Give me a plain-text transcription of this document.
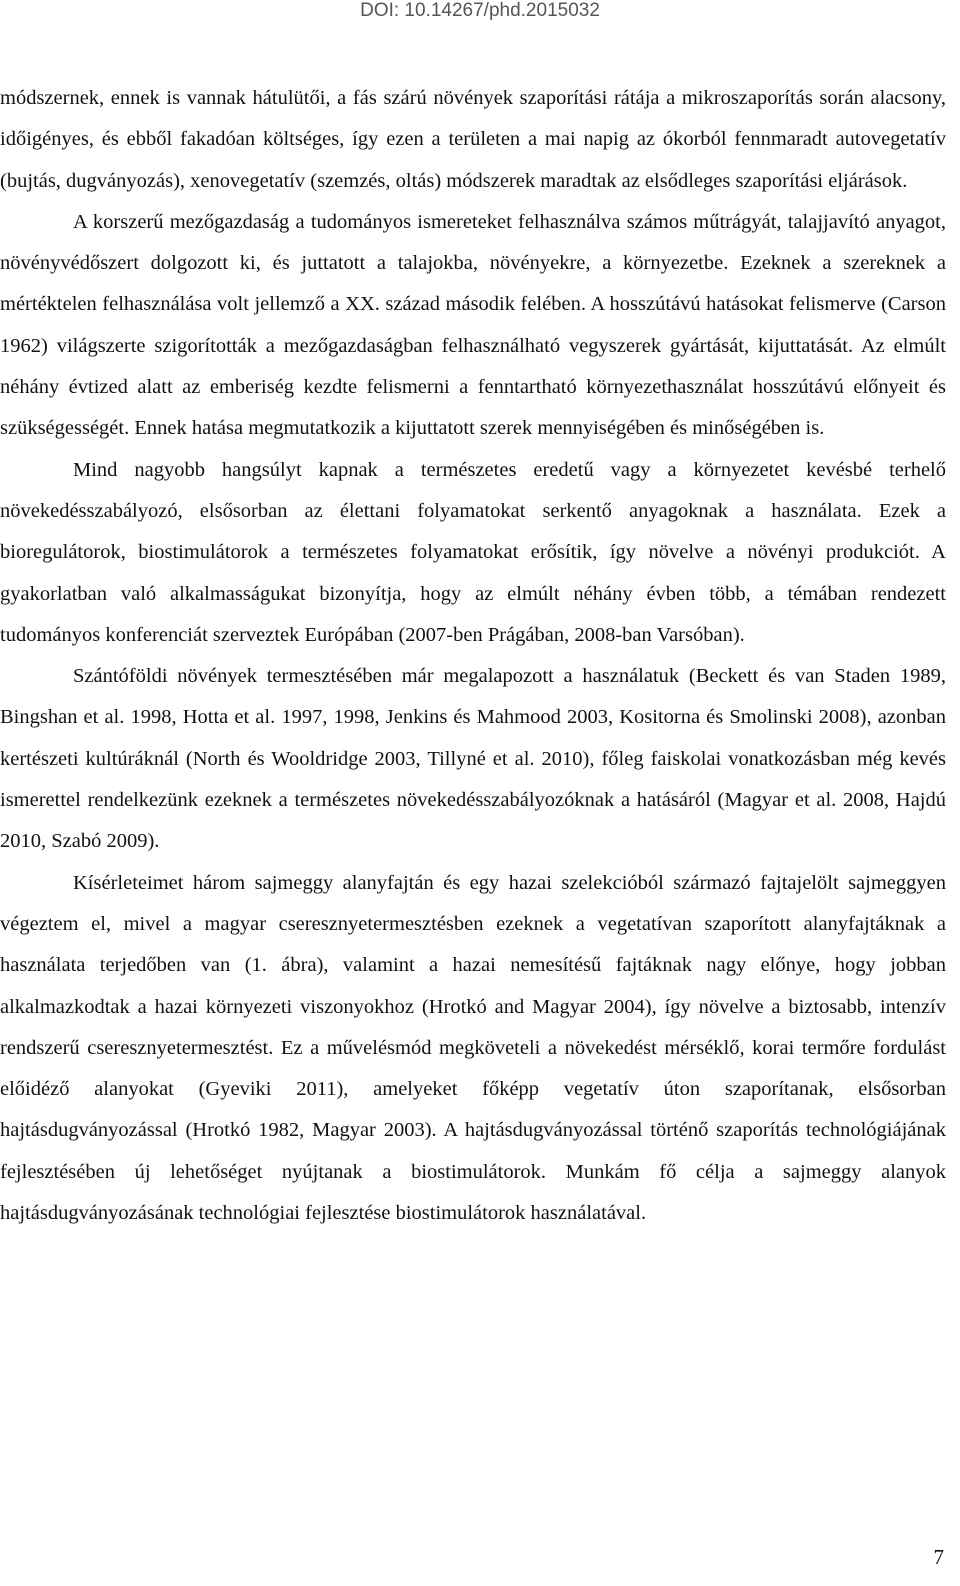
DOI: 10.14267/phd.2015032

módszernek, ennek is vannak hátulütői, a fás szárú növények szaporítási rátája a mikroszaporítás során alacsony, időigényes, és ebből fakadóan költséges, így ezen a területen a mai napig az ókorból fennmaradt autovegetatív (bujtás, dugványozás), xenovegetatív (szemzés, oltás) módszerek maradtak az elsődleges szaporítási eljárások.

A korszerű mezőgazdaság a tudományos ismereteket felhasználva számos műtrágyát, talajjavító anyagot, növényvédőszert dolgozott ki, és juttatott a talajokba, növényekre, a környezetbe. Ezeknek a szereknek a mértéktelen felhasználása volt jellemző a XX. század második felében. A hosszútávú hatásokat felismerve (Carson 1962) világszerte szigorították a mezőgazdaságban felhasználható vegyszerek gyártását, kijuttatását. Az elmúlt néhány évtized alatt az emberiség kezdte felismerni a fenntartható környezethasználat hosszútávú előnyeit és szükségességét. Ennek hatása megmutatkozik a kijuttatott szerek mennyiségében és minőségében is.

Mind nagyobb hangsúlyt kapnak a természetes eredetű vagy a környezetet kevésbé terhelő növekedésszabályozó, elsősorban az élettani folyamatokat serkentő anyagoknak a használata. Ezek a bioregulátorok, biostimulátorok a természetes folyamatokat erősítik, így növelve a növényi produkciót. A gyakorlatban való alkalmasságukat bizonyítja, hogy az elmúlt néhány évben több, a témában rendezett tudományos konferenciát szerveztek Európában (2007-ben Prágában, 2008-ban Varsóban).

Szántóföldi növények termesztésében már megalapozott a használatuk (Beckett és van Staden 1989, Bingshan et al. 1998, Hotta et al. 1997, 1998, Jenkins és Mahmood 2003, Kositorna és Smolinski 2008), azonban kertészeti kultúráknál (North és Wooldridge 2003, Tillyné et al. 2010), főleg faiskolai vonatkozásban még kevés ismerettel rendelkezünk ezeknek a természetes növekedésszabályozóknak a hatásáról (Magyar et al. 2008, Hajdú 2010, Szabó 2009).

Kísérleteimet három sajmeggy alanyfajtán és egy hazai szelekcióból származó fajtajelölt sajmeggyen végeztem el, mivel a magyar cseresznyetermesztésben ezeknek a vegetatívan szaporított alanyfajtáknak a használata terjedőben van (1. ábra), valamint a hazai nemesítésű fajtáknak nagy előnye, hogy jobban alkalmazkodtak a hazai környezeti viszonyokhoz (Hrotkó and Magyar 2004), így növelve a biztosabb, intenzív rendszerű cseresznyetermesztést. Ez a művelésmód megköveteli a növekedést mérséklő, korai termőre fordulást előidéző alanyokat (Gyeviki 2011), amelyeket főképp vegetatív úton szaporítanak, elsősorban hajtásdugványozással (Hrotkó 1982, Magyar 2003). A hajtásdugványozással történő szaporítás technológiájának fejlesztésében új lehetőséget nyújtanak a biostimulátorok. Munkám fő célja a sajmeggy alanyok hajtásdugványozásának technológiai fejlesztése biostimulátorok használatával.

7
